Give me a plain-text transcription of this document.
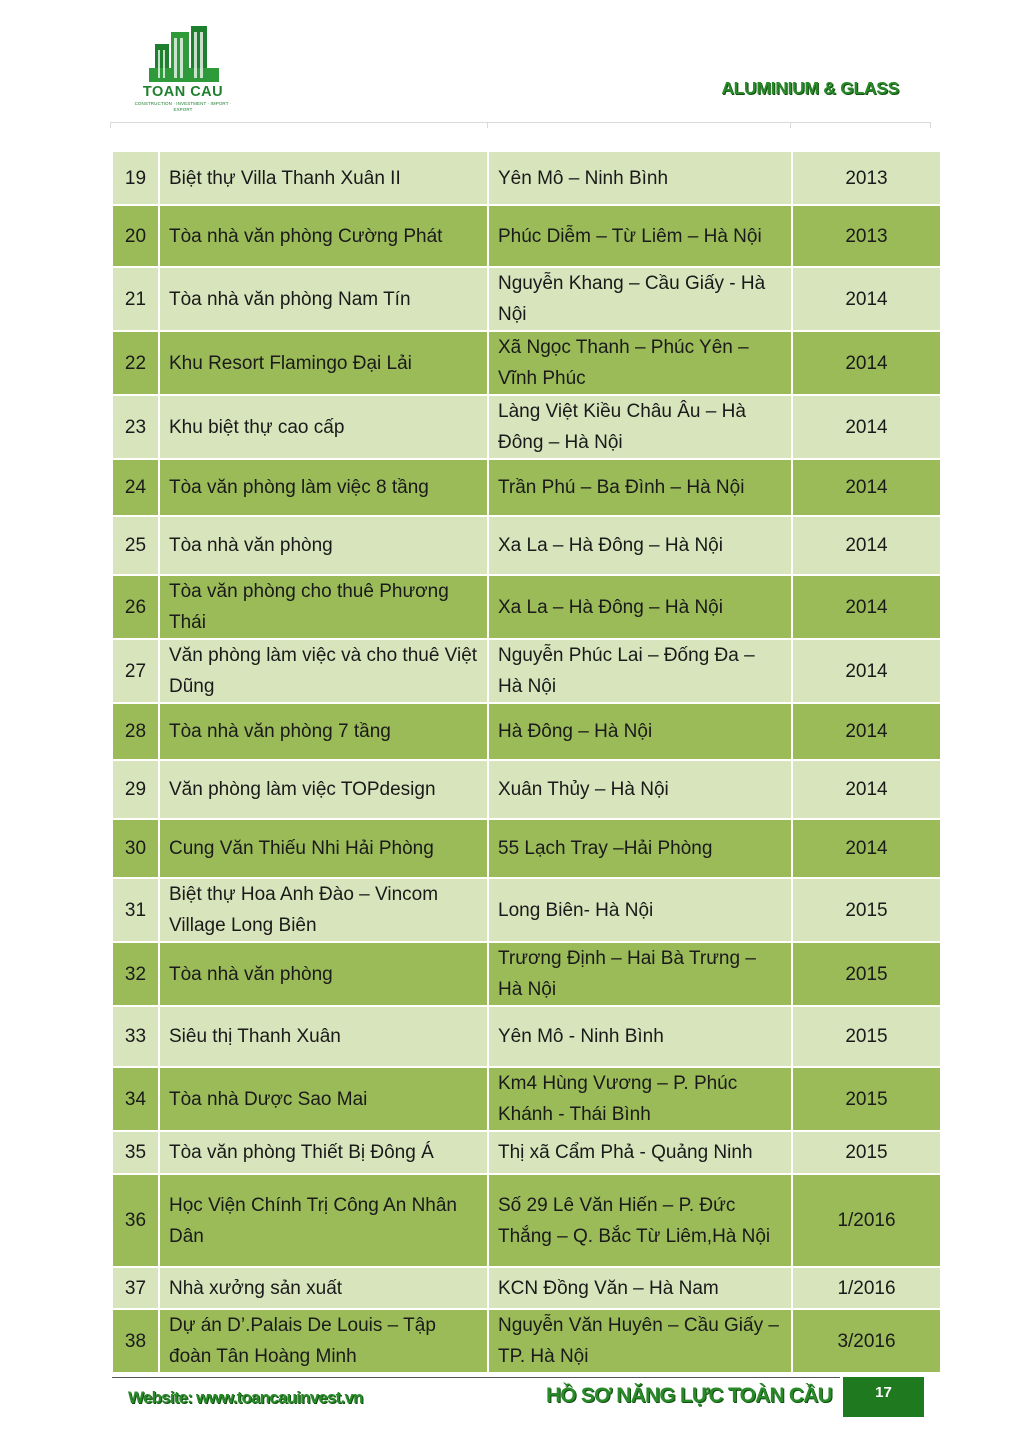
TOAN CAU
CONSTRUCTION · INVESTMENT · IMPORT · EXPORT
ALUMINIUM & GLASS
19	Biệt thự Villa Thanh Xuân II	Yên Mô – Ninh Bình	2013
20	Tòa nhà văn phòng Cường Phát	Phúc Diễm – Từ Liêm – Hà Nội	2013
21	Tòa nhà văn phòng Nam Tín	Nguyễn Khang – Cầu Giấy - Hà Nội	2014
22	Khu Resort Flamingo Đại Lải	Xã Ngọc Thanh – Phúc Yên – Vĩnh Phúc	2014
23	Khu biệt thự cao cấp	Làng Việt Kiều Châu Âu – Hà Đông – Hà Nội	2014
24	Tòa văn phòng làm việc 8 tầng	Trần Phú – Ba Đình – Hà Nội	2014
25	Tòa nhà văn phòng	Xa La – Hà Đông – Hà Nội	2014
26	Tòa văn phòng cho thuê Phương Thái	Xa La – Hà Đông – Hà Nội	2014
27	Văn phòng làm việc và cho thuê Việt Dũng	Nguyễn Phúc Lai – Đống Đa – Hà Nội	2014
28	Tòa nhà văn phòng 7 tầng	Hà Đông – Hà Nội	2014
29	Văn phòng làm việc TOPdesign	Xuân Thủy – Hà Nội	2014
30	Cung Văn Thiếu Nhi Hải Phòng	55 Lạch Tray –Hải Phòng	2014
31	Biệt thự Hoa Anh Đào – Vincom Village Long Biên	Long Biên- Hà Nội	2015
32	Tòa nhà văn phòng	Trương Định – Hai Bà Trưng – Hà Nội	2015
33	Siêu thị Thanh Xuân	Yên Mô - Ninh Bình	2015
34	Tòa nhà Dược Sao Mai	Km4 Hùng Vương – P. Phúc Khánh - Thái Bình	2015
35	Tòa văn phòng Thiết Bị Đông Á	Thị xã Cẩm Phả - Quảng Ninh	2015
36	Học Viện Chính Trị Công An Nhân Dân	Số 29 Lê Văn Hiến – P. Đức Thắng – Q. Bắc Từ Liêm,Hà Nội	1/2016
37	Nhà xưởng sản xuất	KCN Đồng Văn – Hà Nam	1/2016
38	Dự án D’.Palais De Louis – Tập đoàn Tân Hoàng Minh	Nguyễn Văn Huyên – Cầu Giấy – TP. Hà Nội	3/2016
Website: www.toancauinvest.vn	HỒ SƠ NĂNG LỰC TOÀN CẦU	17
